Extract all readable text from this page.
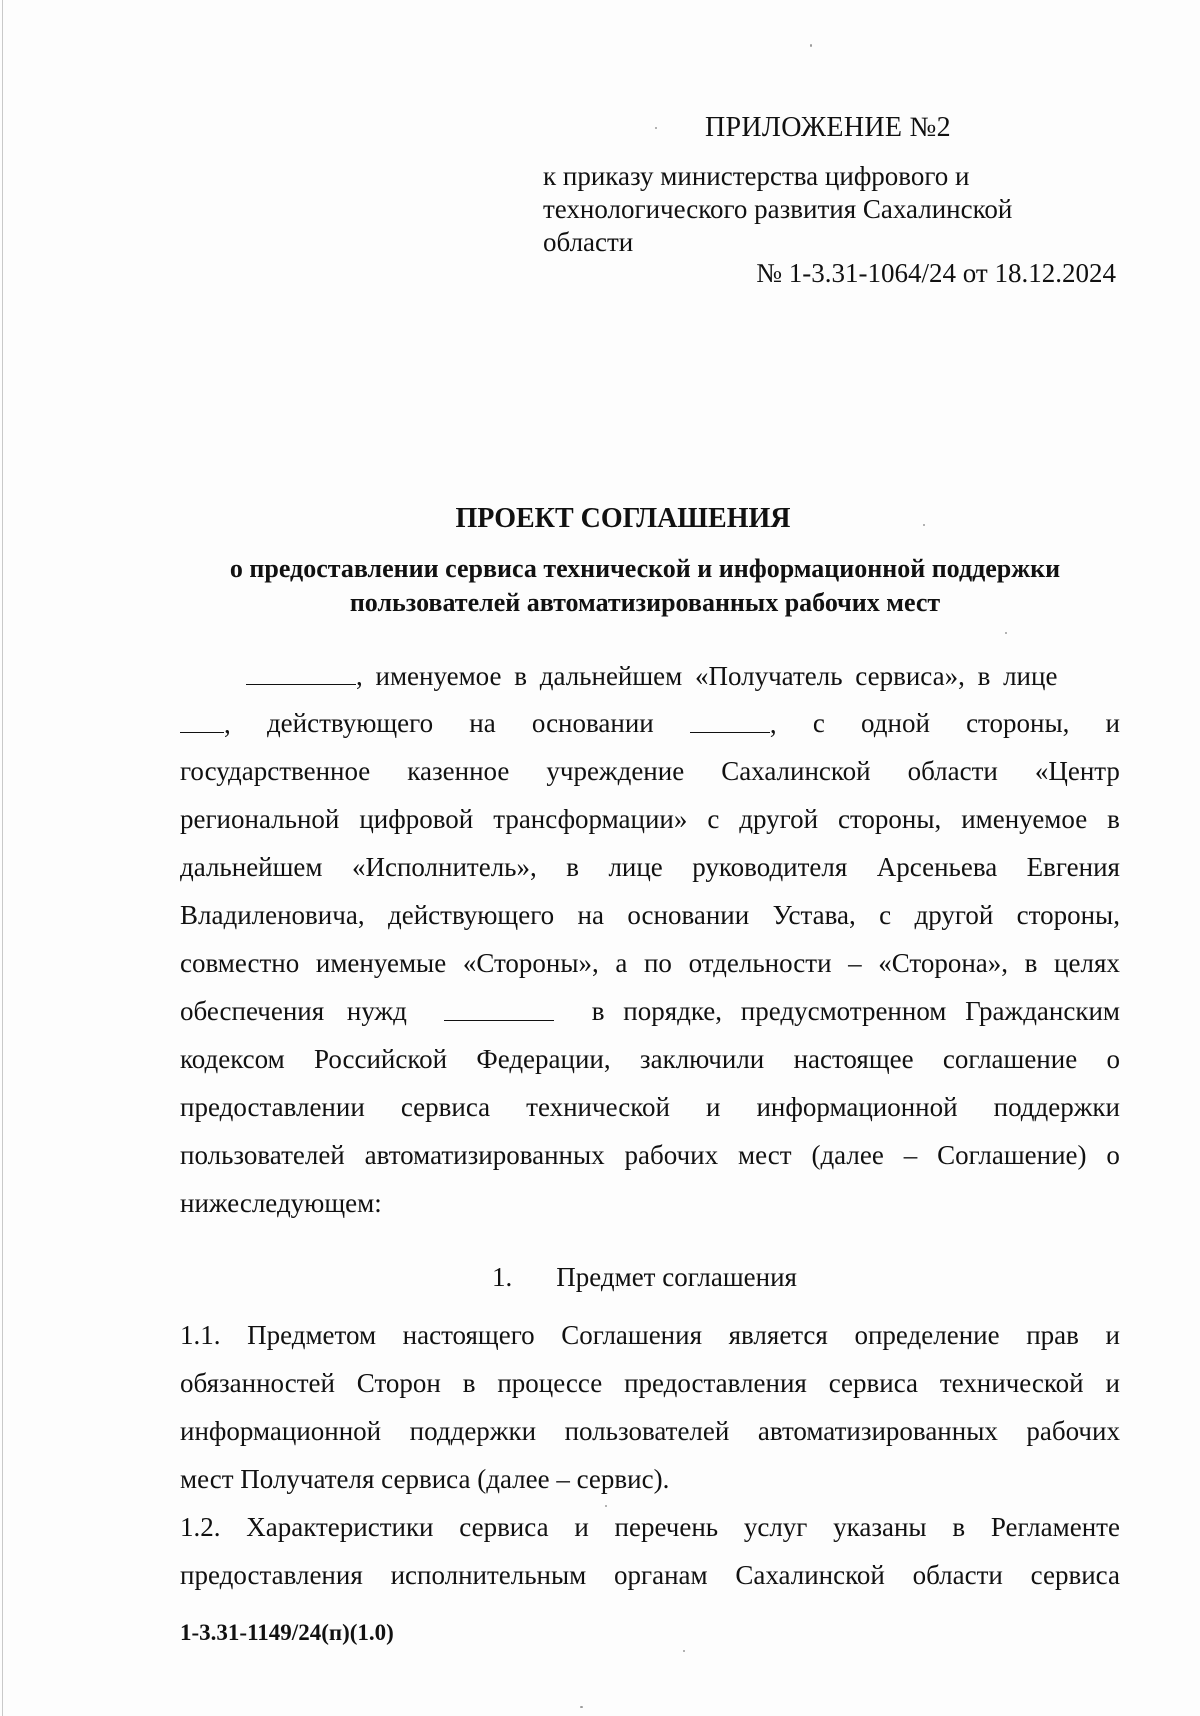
ПРИЛОЖЕНИЕ №2
к приказу министерства цифрового и
технологического развития Сахалинской
области
№ 1-3.31-1064/24 от 18.12.2024
ПРОЕКТ СОГЛАШЕНИЯ
о предоставлении сервиса технической и информационной поддержки
пользователей автоматизированных рабочих мест
, именуемое в дальнейшем «Получатель сервиса», в лице
, действующего на основании	, с одной стороны, и
государственное казенное учреждение Сахалинской области «Центр
региональной цифровой трансформации» с другой стороны, именуемое в
дальнейшем «Исполнитель», в лице руководителя Арсеньева Евгения
Владиленовича, действующего на основании Устава, с другой стороны,
совместно именуемые «Стороны», а по отдельности – «Сторона», в целях
обеспечения нужд	в порядке, предусмотренном Гражданским
кодексом Российской Федерации, заключили настоящее соглашение о
предоставлении сервиса технической и информационной поддержки
пользователей автоматизированных рабочих мест (далее – Соглашение) о
нижеследующем:
1.1. Предметом настоящего Соглашения является определение прав и
обязанностей Сторон в процессе предоставления сервиса технической и
информационной поддержки пользователей автоматизированных рабочих
мест Получателя сервиса (далее – сервис).
1.2. Характеристики сервиса и перечень услуг указаны в Регламенте
предоставления исполнительным органам Сахалинской области сервиса
1. Предмет соглашения
1-3.31-1149/24(п)(1.0)
